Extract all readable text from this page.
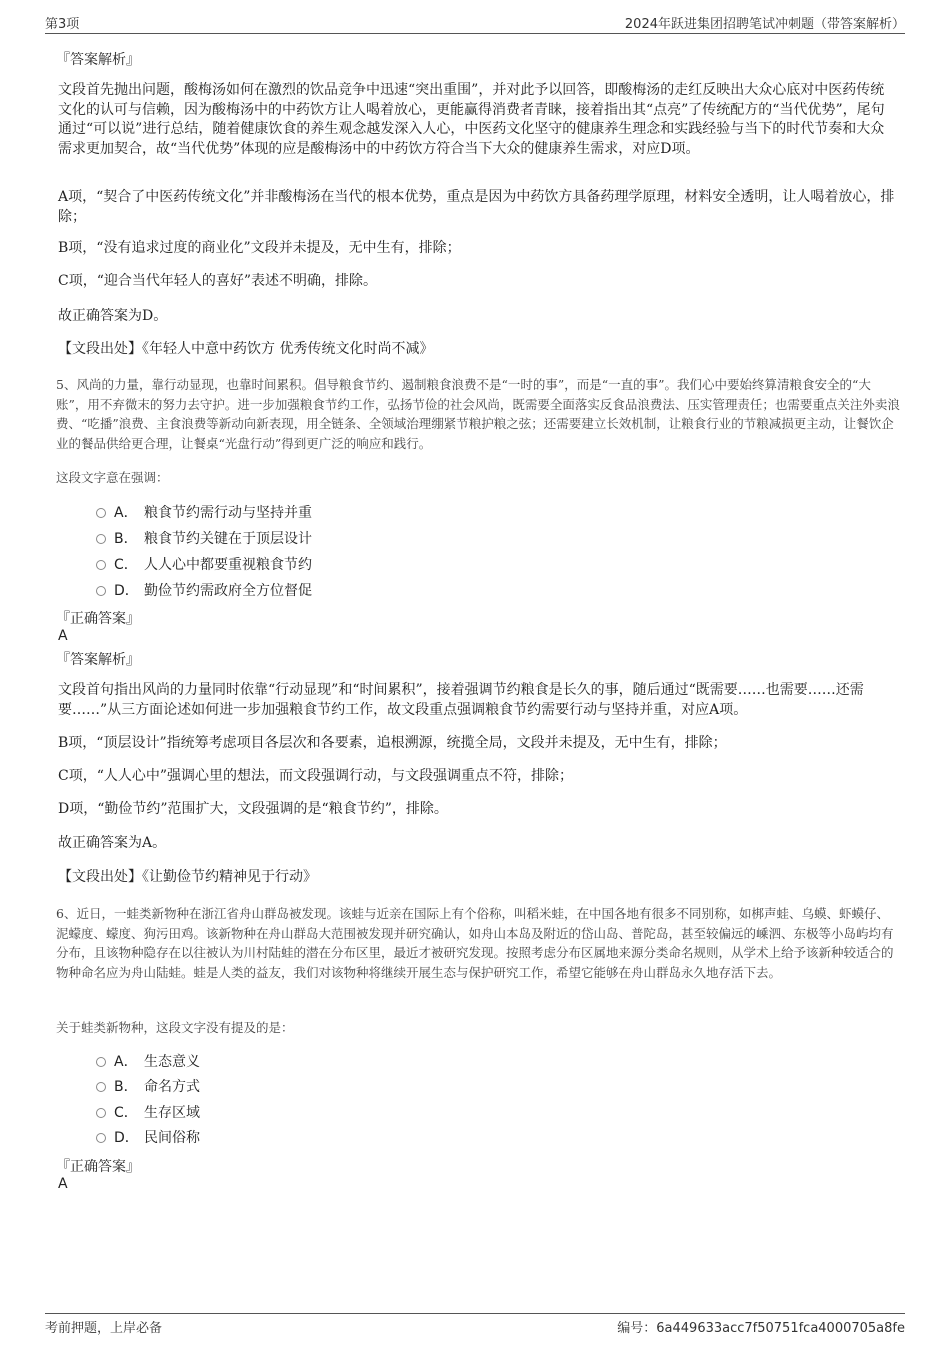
第3项	2024年跃进集团招聘笔试冲刺题（带答案解析）

『答案解析』

文段首先抛出问题，酸梅汤如何在激烈的饮品竞争中迅速“突出重围”，并对此予以回答，即酸梅汤的走红反映出大众心底对中医药传统文化的认可与信赖，因为酸梅汤中的中药饮方让人喝着放心，更能赢得消费者青睐，接着指出其“点亮”了传统配方的“当代优势”，尾句通过“可以说”进行总结，随着健康饮食的养生观念越发深入人心，中医药文化坚守的健康养生理念和实践经验与当下的时代节奏和大众需求更加契合，故“当代优势”体现的应是酸梅汤中的中药饮方符合当下大众的健康养生需求，对应D项。

A项，“契合了中医药传统文化”并非酸梅汤在当代的根本优势，重点是因为中药饮方具备药理学原理，材料安全透明，让人喝着放心，排除；

B项，“没有追求过度的商业化”文段并未提及，无中生有，排除；

C项，“迎合当代年轻人的喜好”表述不明确，排除。

故正确答案为D。

【文段出处】《年轻人中意中药饮方 优秀传统文化时尚不减》

5、风尚的力量，靠行动显现，也靠时间累积。倡导粮食节约、遏制粮食浪费不是“一时的事”，而是“一直的事”。我们心中要始终算清粮食安全的“大账”，用不弃微末的努力去守护。进一步加强粮食节约工作，弘扬节俭的社会风尚，既需要全面落实反食品浪费法、压实管理责任；也需要重点关注外卖浪费、“吃播”浪费、主食浪费等新动向新表现，用全链条、全领域治理绷紧节粮护粮之弦；还需要建立长效机制，让粮食行业的节粮减损更主动，让餐饮企业的餐品供给更合理，让餐桌“光盘行动”得到更广泛的响应和践行。

这段文字意在强调：

A． 粮食节约需行动与坚持并重
B． 粮食节约关键在于顶层设计
C． 人人心中都要重视粮食节约
D． 勤俭节约需政府全方位督促

『正确答案』

A

『答案解析』

文段首句指出风尚的力量同时依靠“行动显现”和“时间累积”，接着强调节约粮食是长久的事，随后通过“既需要……也需要……还需要……”从三方面论述如何进一步加强粮食节约工作，故文段重点强调粮食节约需要行动与坚持并重，对应A项。

B项，“顶层设计”指统筹考虑项目各层次和各要素，追根溯源，统揽全局，文段并未提及，无中生有，排除；

C项，“人人心中”强调心里的想法，而文段强调行动，与文段强调重点不符，排除；

D项，“勤俭节约”范围扩大，文段强调的是“粮食节约”，排除。

故正确答案为A。

【文段出处】《让勤俭节约精神见于行动》

6、近日，一蛙类新物种在浙江省舟山群岛被发现。该蛙与近亲在国际上有个俗称，叫稻米蛙，在中国各地有很多不同别称，如梆声蛙、乌蟆、虾蟆仔、泥蠓度、蠓度、狗污田鸡。该新物种在舟山群岛大范围被发现并研究确认，如舟山本岛及附近的岱山岛、普陀岛，甚至较偏远的嵊泗、东极等小岛屿均有分布，且该物种隐存在以往被认为川村陆蛙的潜在分布区里，最近才被研究发现。按照考虑分布区属地来源分类命名规则，从学术上给予该新种较适合的物种命名应为舟山陆蛙。蛙是人类的益友，我们对该物种将继续开展生态与保护研究工作，希望它能够在舟山群岛永久地存活下去。

关于蛙类新物种，这段文字没有提及的是：

A． 生态意义
B． 命名方式
C． 生存区域
D． 民间俗称

『正确答案』

A

考前押题，上岸必备	编号：6a449633acc7f50751fca4000705a8fe
